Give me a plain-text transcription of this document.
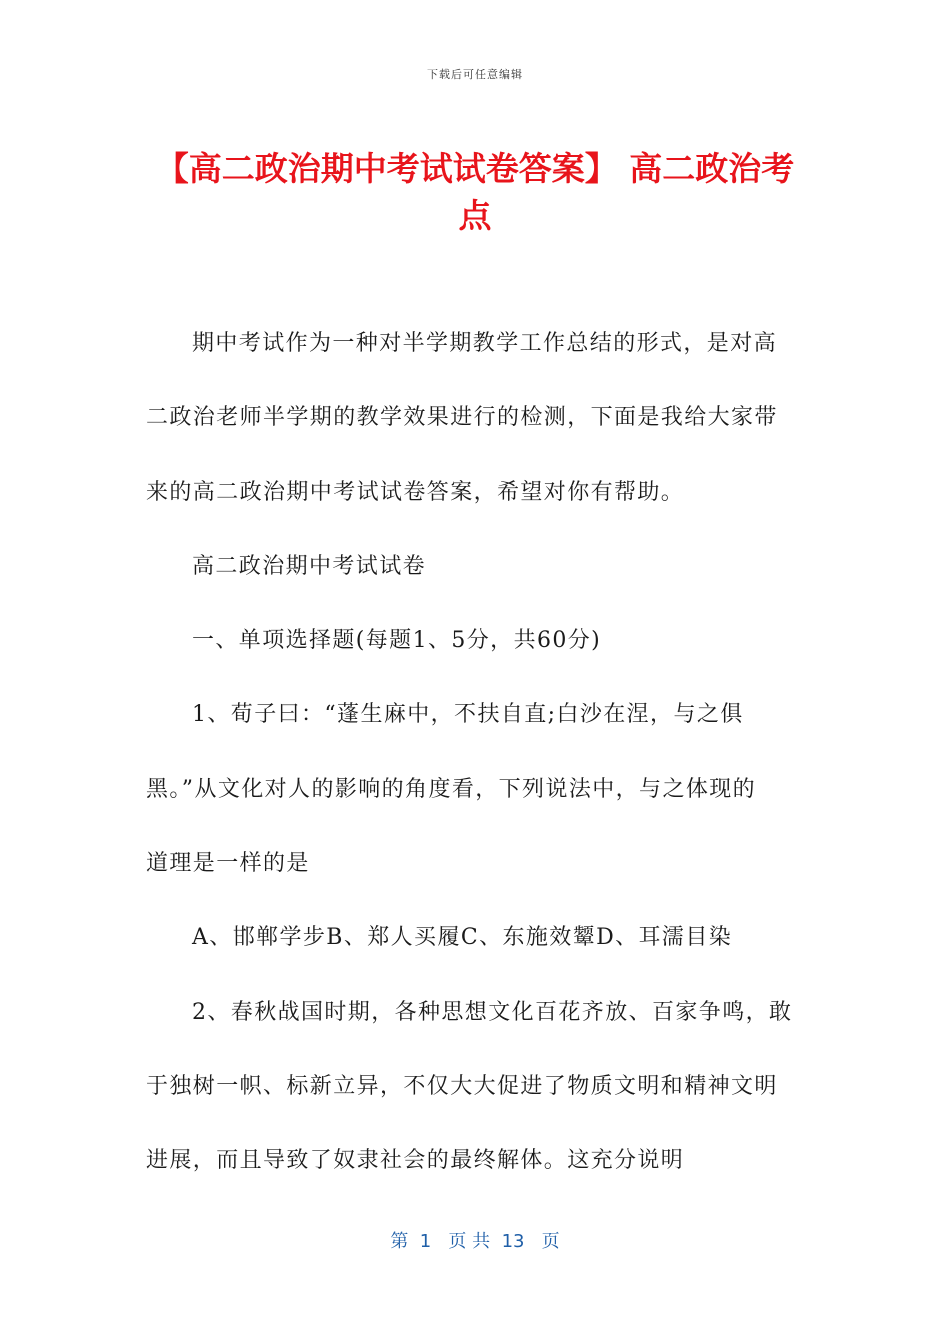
下载后可任意编辑
【高二政治期中考试试卷答案】 高二政治考点
期中考试作为一种对半学期教学工作总结的形式，是对高
二政治老师半学期的教学效果进行的检测，下面是我给大家带
来的高二政治期中考试试卷答案，希望对你有帮助。
高二政治期中考试试卷
一、单项选择题(每题1、5分，共60分)
1、荀子曰：“蓬生麻中，不扶自直;白沙在涅，与之俱
黑。”从文化对人的影响的角度看，下列说法中，与之体现的
道理是一样的是
A、邯郸学步B、郑人买履C、东施效颦D、耳濡目染
2、春秋战国时期，各种思想文化百花齐放、百家争鸣，敢
于独树一帜、标新立异，不仅大大促进了物质文明和精神文明
进展，而且导致了奴隶社会的最终解体。这充分说明
第  1   页 共  13   页
